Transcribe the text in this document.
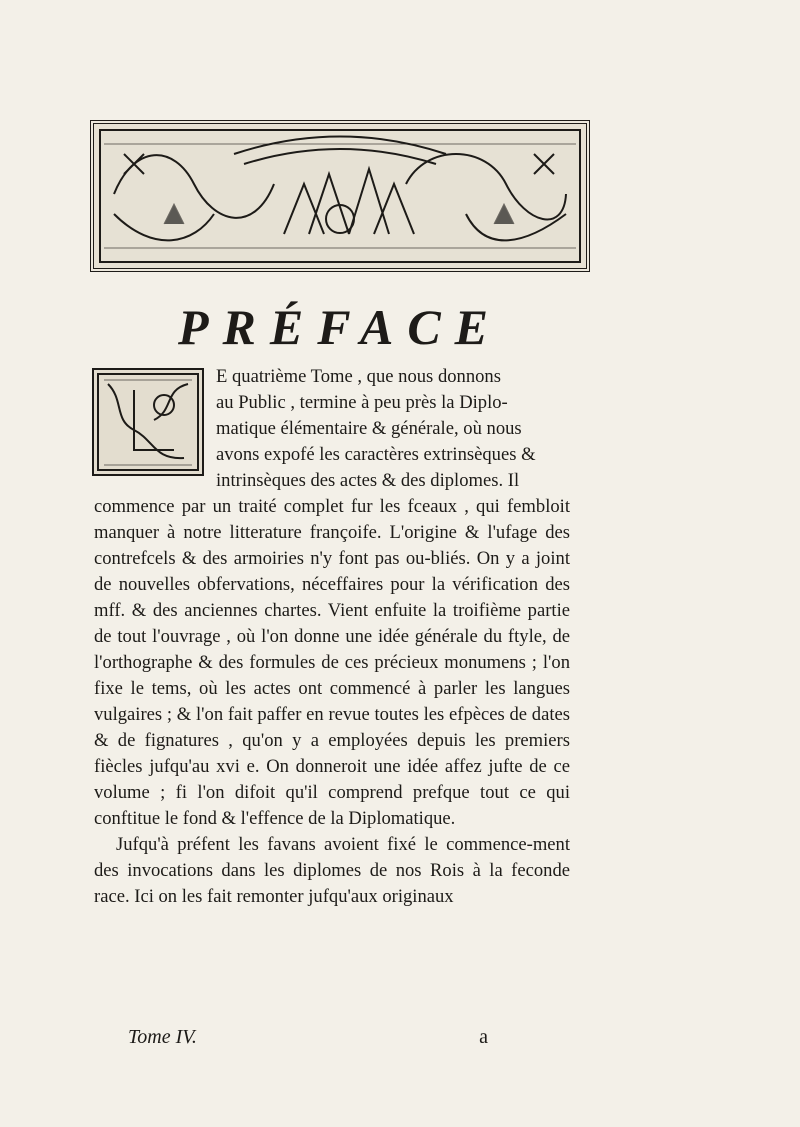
PRÉFACE

E quatrième Tome , que nous donnons

au Public , termine à peu près la Diplo-

matique élémentaire & générale, où nous

avons expofé les caractères extrinsèques &

intrinsèques des actes & des diplomes. Il

commence par un traité complet fur les fceaux , qui fembloit manquer à notre litterature françoife. L'origine & l'ufage des contrefcels & des armoiries n'y font pas ou-bliés. On y a joint de nouvelles obfervations, néceffaires pour la vérification des mff. & des anciennes chartes. Vient enfuite la troifième partie de tout l'ouvrage , où l'on donne une idée générale du ftyle, de l'orthographe & des formules de ces précieux monumens ; l'on fixe le tems, où les actes ont commencé à parler les langues vulgaires ; & l'on fait paffer en revue toutes les efpèces de dates & de fignatures , qu'on y a employées depuis les premiers fiècles jufqu'au xvi e. On donneroit une idée affez jufte de ce volume ; fi l'on difoit qu'il comprend prefque tout ce qui conftitue le fond & l'effence de la Diplomatique.

Jufqu'à préfent les favans avoient fixé le commence-ment des invocations dans les diplomes de nos Rois à la feconde race. Ici on les fait remonter jufqu'aux originaux

Tome IV.	a
